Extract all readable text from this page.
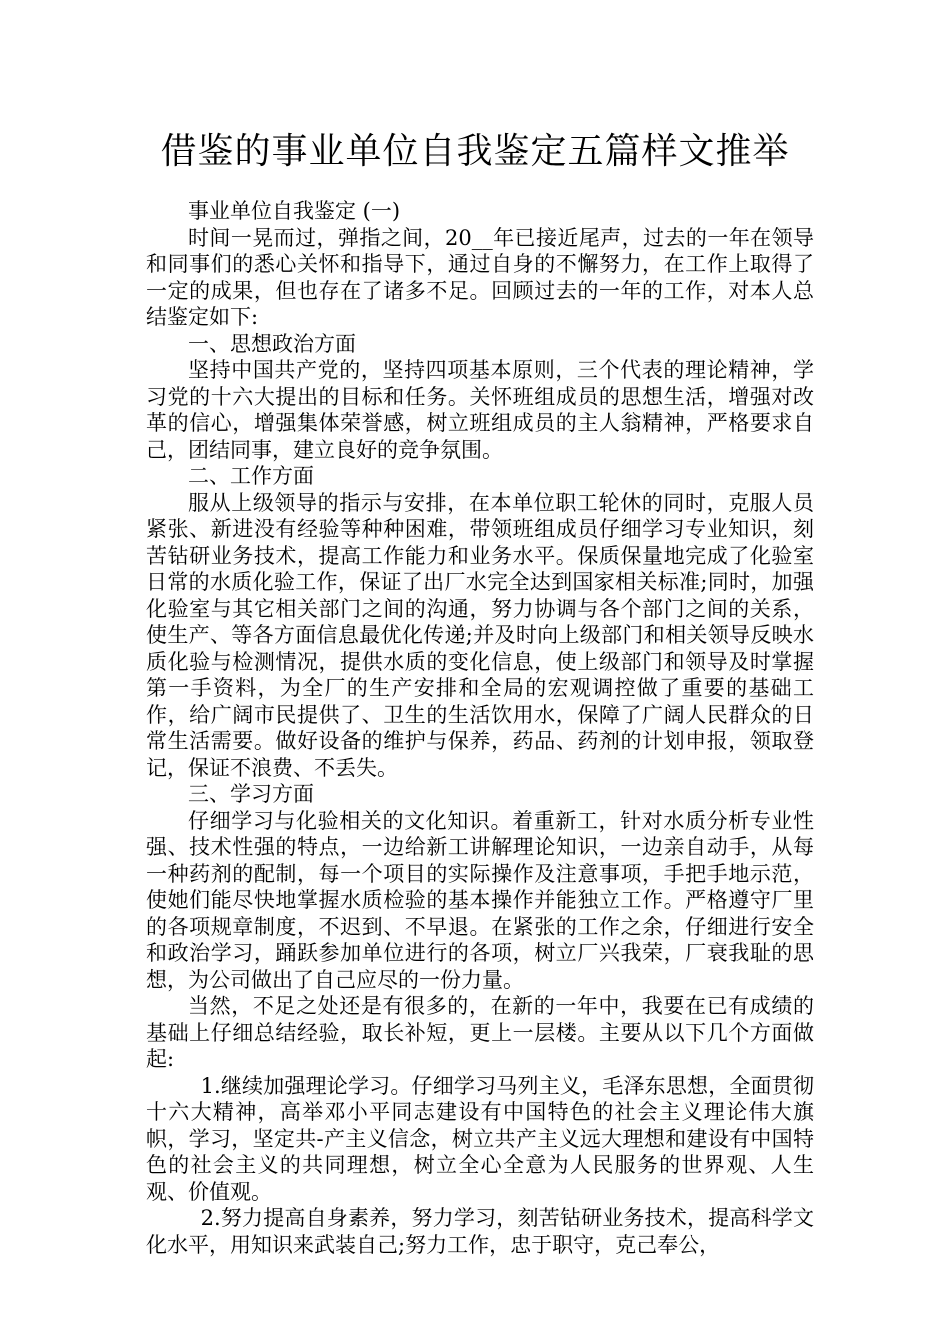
借鉴的事业单位自我鉴定五篇样文推举

事业单位自我鉴定 (一)

时间一晃而过，弹指之间，20__年已接近尾声，过去的一年在领导和同事们的悉心关怀和指导下，通过自身的不懈努力，在工作上取得了一定的成果，但也存在了诸多不足。回顾过去的一年的工作，对本人总结鉴定如下:

一、思想政治方面

坚持中国共产党的，坚持四项基本原则，三个代表的理论精神，学习党的十六大提出的目标和任务。关怀班组成员的思想生活，增强对改革的信心，增强集体荣誉感，树立班组成员的主人翁精神，严格要求自己，团结同事，建立良好的竞争氛围。

二、工作方面

服从上级领导的指示与安排，在本单位职工轮休的同时，克服人员紧张、新进没有经验等种种困难，带领班组成员仔细学习专业知识，刻苦钻研业务技术，提高工作能力和业务水平。保质保量地完成了化验室日常的水质化验工作，保证了出厂水完全达到国家相关标准;同时，加强化验室与其它相关部门之间的沟通，努力协调与各个部门之间的关系，使生产、等各方面信息最优化传递;并及时向上级部门和相关领导反映水质化验与检测情况，提供水质的变化信息，使上级部门和领导及时掌握第一手资料，为全厂的生产安排和全局的宏观调控做了重要的基础工作，给广阔市民提供了、卫生的生活饮用水，保障了广阔人民群众的日常生活需要。做好设备的维护与保养，药品、药剂的计划申报，领取登记，保证不浪费、不丢失。

三、学习方面

仔细学习与化验相关的文化知识。着重新工，针对水质分析专业性强、技术性强的特点，一边给新工讲解理论知识，一边亲自动手，从每一种药剂的配制，每一个项目的实际操作及注意事项，手把手地示范，使她们能尽快地掌握水质检验的基本操作并能独立工作。严格遵守厂里的各项规章制度，不迟到、不早退。在紧张的工作之余，仔细进行安全和政治学习，踊跃参加单位进行的各项，树立厂兴我荣，厂衰我耻的思想，为公司做出了自己应尽的一份力量。

当然，不足之处还是有很多的，在新的一年中，我要在已有成绩的基础上仔细总结经验，取长补短，更上一层楼。主要从以下几个方面做起:

1.继续加强理论学习。仔细学习马列主义，毛泽东思想，全面贯彻十六大精神，高举邓小平同志建设有中国特色的社会主义理论伟大旗帜，学习，坚定共-产主义信念，树立共产主义远大理想和建设有中国特色的社会主义的共同理想，树立全心全意为人民服务的世界观、人生观、价值观。

2.努力提高自身素养，努力学习，刻苦钻研业务技术，提高科学文化水平，用知识来武装自己;努力工作，忠于职守，克己奉公，
